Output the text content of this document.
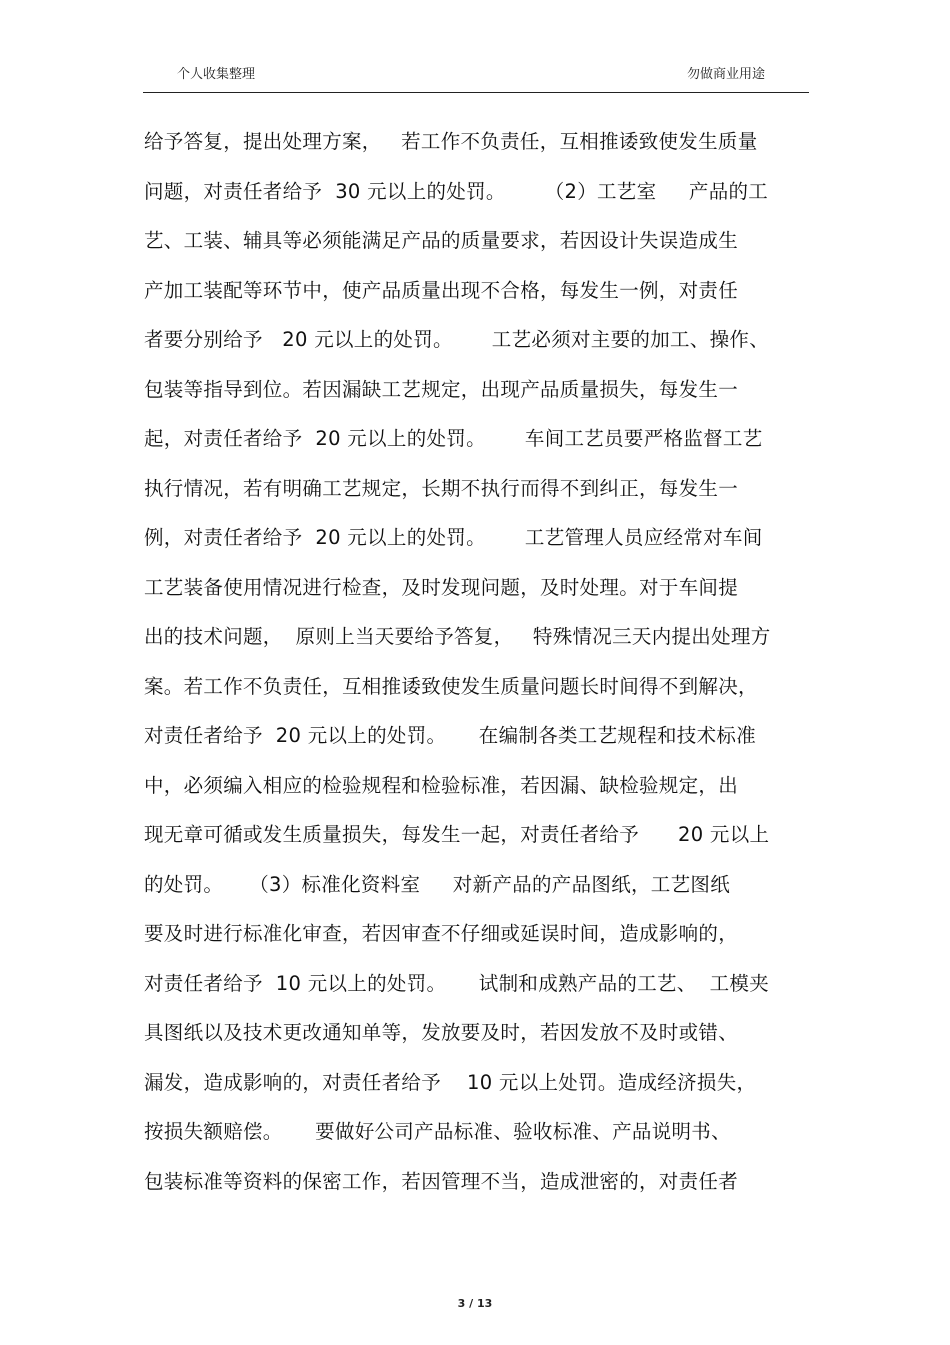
个人收集整理	勿做商业用途
给予答复，提出处理方案，   若工作不负责任，互相推诿致使发生质量
问题，对责任者给予  30 元以上的处罚。      （2）工艺室     产品的工
艺、工装、辅具等必须能满足产品的质量要求，若因设计失误造成生
产加工装配等环节中，使产品质量出现不合格，每发生一例，对责任
者要分别给予   20 元以上的处罚。      工艺必须对主要的加工、操作、
包装等指导到位。若因漏缺工艺规定，出现产品质量损失，每发生一
起，对责任者给予  20 元以上的处罚。      车间工艺员要严格监督工艺
执行情况，若有明确工艺规定，长期不执行而得不到纠正，每发生一
例，对责任者给予  20 元以上的处罚。      工艺管理人员应经常对车间
工艺装备使用情况进行检查，及时发现问题，及时处理。对于车间提
出的技术问题，  原则上当天要给予答复，   特殊情况三天内提出处理方
案。若工作不负责任，互相推诿致使发生质量问题长时间得不到解决，
对责任者给予  20 元以上的处罚。     在编制各类工艺规程和技术标准
中，必须编入相应的检验规程和检验标准，若因漏、缺检验规定，出
现无章可循或发生质量损失，每发生一起，对责任者给予      20 元以上
的处罚。    （3）标准化资料室     对新产品的产品图纸，工艺图纸
要及时进行标准化审查，若因审查不仔细或延误时间，造成影响的，
对责任者给予  10 元以上的处罚。     试制和成熟产品的工艺、  工模夹
具图纸以及技术更改通知单等，发放要及时，若因发放不及时或错、
漏发，造成影响的，对责任者给予    10 元以上处罚。造成经济损失，
按损失额赔偿。     要做好公司产品标准、验收标准、产品说明书、
包装标准等资料的保密工作，若因管理不当，造成泄密的，对责任者
3 / 13
